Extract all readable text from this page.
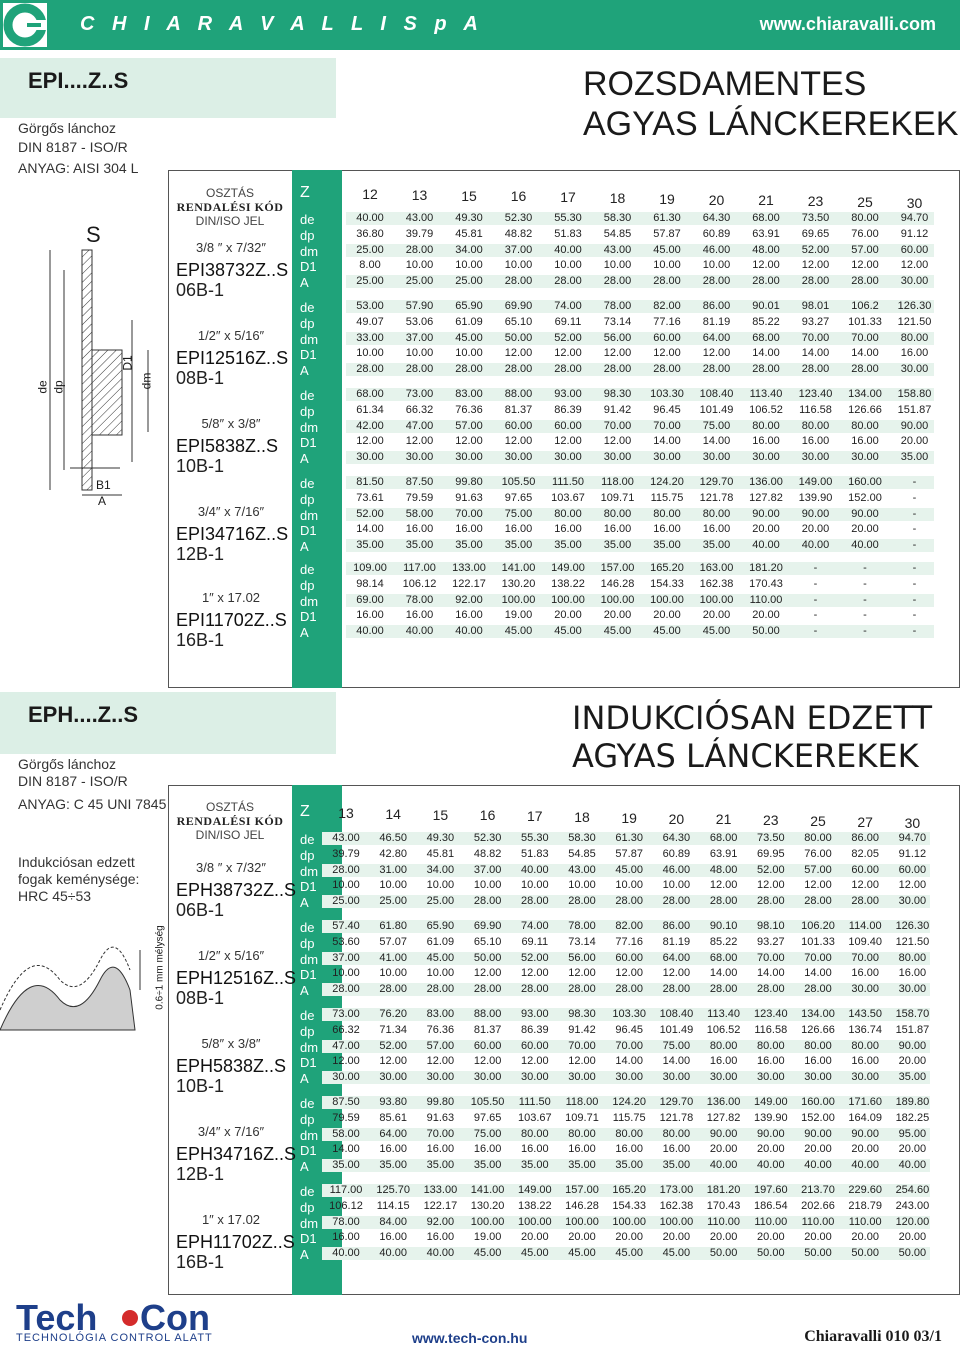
C H I A R A V A L L I S p A	www.chiaravalli.com
EPI....Z..S	ROZSDAMENTES
AGYAS LÁNCKEREKEK
Görgős lánchoz
DIN 8187 - ISO/R
ANYAG: AISI 304 L
S
de dp
D1
dm
B1
A
OSZTÁS
RENDALÉSI KÓD
DIN/ISO JEL
Z	12	13	15	16	17	18	19	20	21	23	25	30
3/8 ″ x 7/32″
EPI38732Z..S
06B-1
de	40.00	43.00	49.30	52.30	55.30	58.30	61.30	64.30	68.00	73.50	80.00	94.70
dp	36.80	39.79	45.81	48.82	51.83	54.85	57.87	60.89	63.91	69.65	76.00	91.12
dm	25.00	28.00	34.00	37.00	40.00	43.00	45.00	46.00	48.00	52.00	57.00	60.00
D1	8.00	10.00	10.00	10.00	10.00	10.00	10.00	10.00	12.00	12.00	12.00	12.00
A	25.00	25.00	25.00	28.00	28.00	28.00	28.00	28.00	28.00	28.00	28.00	30.00
1/2″ x 5/16″
EPI12516Z..S
08B-1
de	53.00	57.90	65.90	69.90	74.00	78.00	82.00	86.00	90.01	98.01	106.2	126.30
dp	49.07	53.06	61.09	65.10	69.11	73.14	77.16	81.19	85.22	93.27	101.33	121.50
dm	33.00	37.00	45.00	50.00	52.00	56.00	60.00	64.00	68.00	70.00	70.00	80.00
D1	10.00	10.00	10.00	12.00	12.00	12.00	12.00	12.00	14.00	14.00	14.00	16.00
A	28.00	28.00	28.00	28.00	28.00	28.00	28.00	28.00	28.00	28.00	28.00	30.00
5/8″ x 3/8″
EPI5838Z..S
10B-1
de	68.00	73.00	83.00	88.00	93.00	98.30	103.30	108.40	113.40	123.40	134.00	158.80
dp	61.34	66.32	76.36	81.37	86.39	91.42	96.45	101.49	106.52	116.58	126.66	151.87
dm	42.00	47.00	57.00	60.00	60.00	70.00	70.00	75.00	80.00	80.00	80.00	90.00
D1	12.00	12.00	12.00	12.00	12.00	12.00	14.00	14.00	16.00	16.00	16.00	20.00
A	30.00	30.00	30.00	30.00	30.00	30.00	30.00	30.00	30.00	30.00	30.00	35.00
3/4″ x 7/16″
EPI34716Z..S
12B-1
de	81.50	87.50	99.80	105.50	111.50	118.00	124.20	129.70	136.00	149.00	160.00	-
dp	73.61	79.59	91.63	97.65	103.67	109.71	115.75	121.78	127.82	139.90	152.00	-
dm	52.00	58.00	70.00	75.00	80.00	80.00	80.00	80.00	90.00	90.00	90.00	-
D1	14.00	16.00	16.00	16.00	16.00	16.00	16.00	16.00	20.00	20.00	20.00	-
A	35.00	35.00	35.00	35.00	35.00	35.00	35.00	35.00	40.00	40.00	40.00	-
1″ x 17.02
EPI11702Z..S
16B-1
de	109.00	117.00	133.00	141.00	149.00	157.00	165.20	163.00	181.20	-	-	-
dp	98.14	106.12	122.17	130.20	138.22	146.28	154.33	162.38	170.43	-	-	-
dm	69.00	78.00	92.00	100.00	100.00	100.00	100.00	100.00	110.00	-	-	-
D1	16.00	16.00	16.00	19.00	20.00	20.00	20.00	20.00	20.00	-	-	-
A	40.00	40.00	40.00	45.00	45.00	45.00	45.00	45.00	50.00	-	-	-
EPH....Z..S	INDUKCIÓSAN EDZETT
AGYAS LÁNCKEREKEK
Görgős lánchoz
DIN 8187 - ISO/R
ANYAG: C 45 UNI 7845
Indukciósan edzett
fogak keménysége:
HRC 45÷53
0.6÷1 mm mélység
OSZTÁS
RENDALÉSI KÓD
DIN/ISO JEL
Z	13	14	15	16	17	18	19	20	21	23	25	27	30
3/8 ″ x 7/32″
EPH38732Z..S
06B-1
de	43.00	46.50	49.30	52.30	55.30	58.30	61.30	64.30	68.00	73.50	80.00	86.00	94.70
dp	39.79	42.80	45.81	48.82	51.83	54.85	57.87	60.89	63.91	69.95	76.00	82.05	91.12
dm	28.00	31.00	34.00	37.00	40.00	43.00	45.00	46.00	48.00	52.00	57.00	60.00	60.00
D1	10.00	10.00	10.00	10.00	10.00	10.00	10.00	10.00	12.00	12.00	12.00	12.00	12.00
A	25.00	25.00	25.00	28.00	28.00	28.00	28.00	28.00	28.00	28.00	28.00	28.00	30.00
1/2″ x 5/16″
EPH12516Z..S
08B-1
de	57.40	61.80	65.90	69.90	74.00	78.00	82.00	86.00	90.10	98.10	106.20	114.00	126.30
dp	53.60	57.07	61.09	65.10	69.11	73.14	77.16	81.19	85.22	93.27	101.33	109.40	121.50
dm	37.00	41.00	45.00	50.00	52.00	56.00	60.00	64.00	68.00	70.00	70.00	70.00	80.00
D1	10.00	10.00	10.00	12.00	12.00	12.00	12.00	12.00	14.00	14.00	14.00	16.00	16.00
A	28.00	28.00	28.00	28.00	28.00	28.00	28.00	28.00	28.00	28.00	28.00	30.00	30.00
5/8″ x 3/8″
EPH5838Z..S
10B-1
de	73.00	76.20	83.00	88.00	93.00	98.30	103.30	108.40	113.40	123.40	134.00	143.50	158.70
dp	66.32	71.34	76.36	81.37	86.39	91.42	96.45	101.49	106.52	116.58	126.66	136.74	151.87
dm	47.00	52.00	57.00	60.00	60.00	70.00	70.00	75.00	80.00	80.00	80.00	80.00	90.00
D1	12.00	12.00	12.00	12.00	12.00	12.00	14.00	14.00	16.00	16.00	16.00	16.00	20.00
A	30.00	30.00	30.00	30.00	30.00	30.00	30.00	30.00	30.00	30.00	30.00	30.00	35.00
3/4″ x 7/16″
EPH34716Z..S
12B-1
de	87.50	93.80	99.80	105.50	111.50	118.00	124.20	129.70	136.00	149.00	160.00	171.60	189.80
dp	79.59	85.61	91.63	97.65	103.67	109.71	115.75	121.78	127.82	139.90	152.00	164.09	182.25
dm	58.00	64.00	70.00	75.00	80.00	80.00	80.00	80.00	90.00	90.00	90.00	90.00	95.00
D1	14.00	16.00	16.00	16.00	16.00	16.00	16.00	16.00	20.00	20.00	20.00	20.00	20.00
A	35.00	35.00	35.00	35.00	35.00	35.00	35.00	35.00	40.00	40.00	40.00	40.00	40.00
1″ x 17.02
EPH11702Z..S
16B-1
de	117.00	125.70	133.00	141.00	149.00	157.00	165.20	173.00	181.20	197.60	213.70	229.60	254.60
dp	106.12	114.15	122.17	130.20	138.22	146.28	154.33	162.38	170.43	186.54	202.66	218.79	243.00
dm	78.00	84.00	92.00	100.00	100.00	100.00	100.00	100.00	110.00	110.00	110.00	110.00	120.00
D1	16.00	16.00	16.00	19.00	20.00	20.00	20.00	20.00	20.00	20.00	20.00	20.00	20.00
A	40.00	40.00	40.00	45.00	45.00	45.00	45.00	45.00	50.00	50.00	50.00	50.00	50.00
Tech Con
TECHNOLÓGIA CONTROL ALATT	www.tech-con.hu	Chiaravalli 010 03/1
